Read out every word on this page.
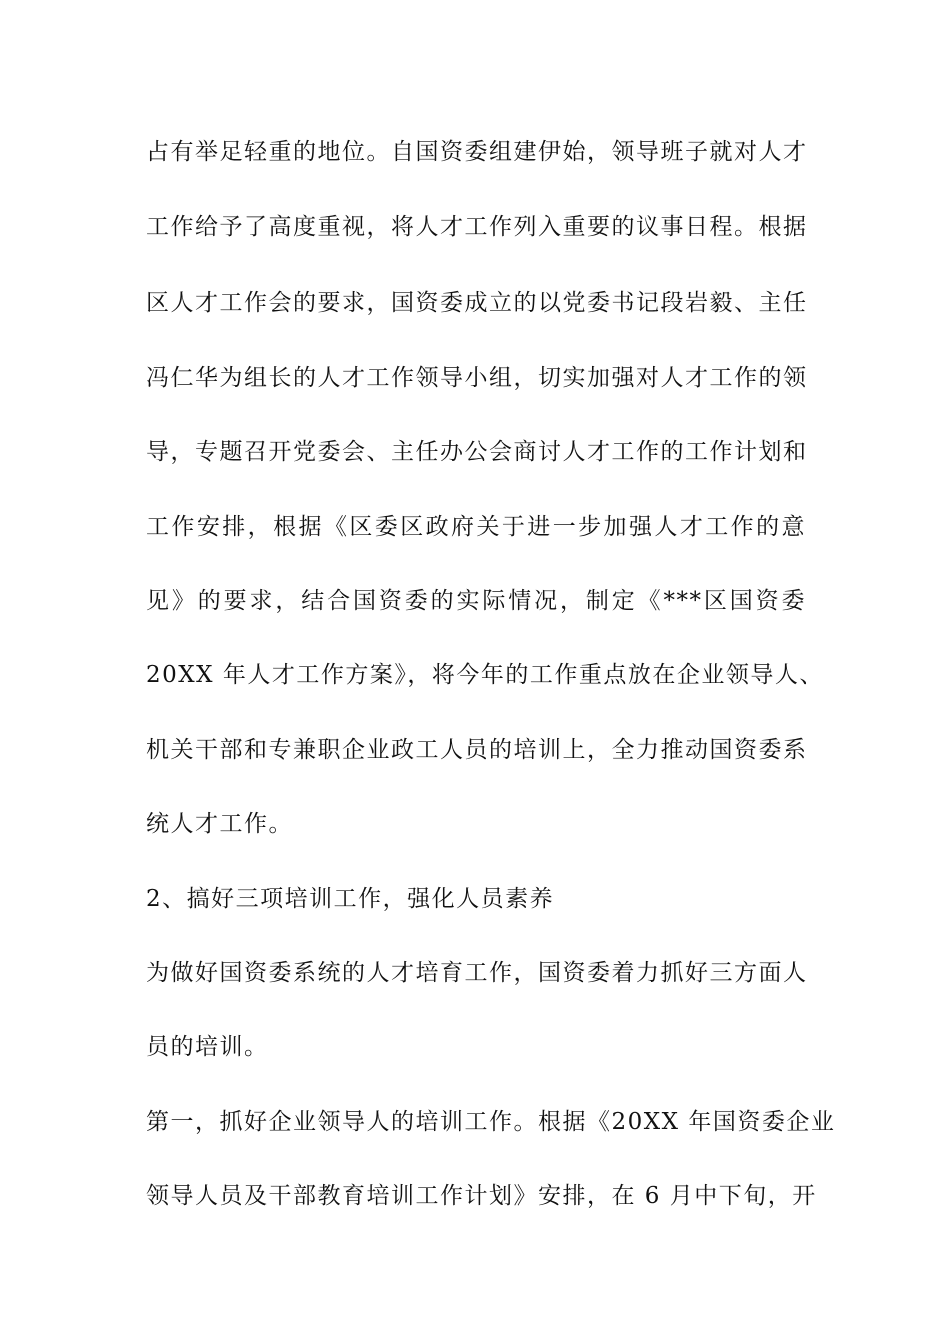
占有举足轻重的地位。自国资委组建伊始，领导班子就对人才
工作给予了高度重视，将人才工作列入重要的议事日程。根据
区人才工作会的要求，国资委成立的以党委书记段岩毅、主任
冯仁华为组长的人才工作领导小组，切实加强对人才工作的领
导，专题召开党委会、主任办公会商讨人才工作的工作计划和
工作安排，根据《区委区政府关于进一步加强人才工作的意
见》的要求，结合国资委的实际情况，制定《***区国资委
20XX 年人才工作方案》，将今年的工作重点放在企业领导人、
机关干部和专兼职企业政工人员的培训上，全力推动国资委系
统人才工作。
2、搞好三项培训工作，强化人员素养
为做好国资委系统的人才培育工作，国资委着力抓好三方面人
员的培训。
第一，抓好企业领导人的培训工作。根据《20XX 年国资委企业
领导人员及干部教育培训工作计划》安排，在 6 月中下旬，开
